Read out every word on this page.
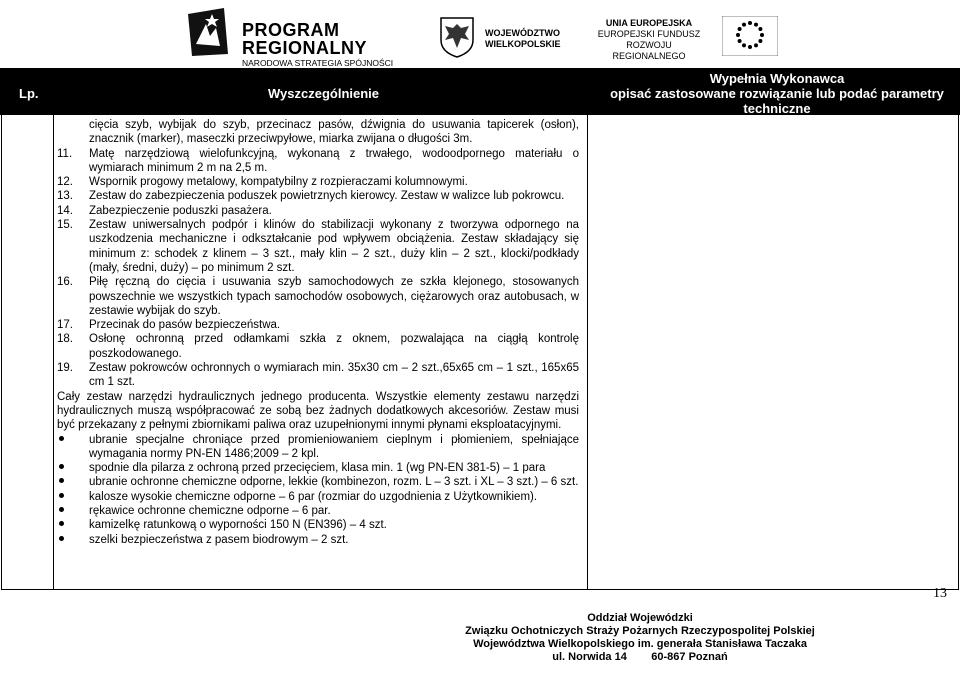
PROGRAM
REGIONALNY
NARODOWA STRATEGIA SPÓJNOŚCI
WOJEWÓDZTWO
WIELKOPOLSKIE
UNIA EUROPEJSKA
EUROPEJSKI FUNDUSZ
ROZWOJU REGIONALNEGO
Lp.	Wyszczególnienie
Wypełnia Wykonawca
opisać zastosowane rozwiązanie lub podać parametry
techniczne

cięcia szyb, wybijak do szyb, przecinacz pasów, dźwignia do usuwania tapicerek (osłon), znacznik (marker), maseczki przeciwpyłowe, miarka zwijana o długości 3m.

11.	Matę narzędziową wielofunkcyjną, wykonaną z trwałego, wodoodpornego materiału o wymiarach minimum 2 m na 2,5 m.
12.	Wspornik progowy metalowy, kompatybilny z rozpieraczami kolumnowymi.
13.	Zestaw do zabezpieczenia poduszek powietrznych kierowcy. Zestaw w walizce lub pokrowcu.
14.	Zabezpieczenie poduszki pasażera.
15.	Zestaw uniwersalnych podpór i klinów do stabilizacji wykonany z tworzywa odpornego na uszkodzenia mechaniczne i odkształcanie pod wpływem obciążenia. Zestaw składający się minimum z: schodek z klinem – 3 szt., mały klin – 2 szt., duży klin – 2 szt., klocki/podkłady (mały, średni, duży) – po minimum 2 szt.
16.	Piłę ręczną do cięcia i usuwania szyb samochodowych ze szkła klejonego, stosowanych powszechnie we wszystkich typach samochodów osobowych, ciężarowych oraz autobusach, w zestawie wybijak do szyb.
17.	Przecinak do pasów bezpieczeństwa.
18.	Osłonę ochronną przed odłamkami szkła z oknem, pozwalająca na ciągłą kontrolę poszkodowanego.
19.	Zestaw pokrowców ochronnych o wymiarach min. 35x30 cm – 2 szt.,65x65 cm – 1 szt., 165x65 cm 1 szt.

Cały zestaw narzędzi hydraulicznych jednego producenta. Wszystkie elementy zestawu narzędzi hydraulicznych muszą współpracować ze sobą bez żadnych dodatkowych akcesoriów. Zestaw musi być przekazany z pełnymi zbiornikami paliwa oraz uzupełnionymi innymi płynami eksploatacyjnymi.

ubranie specjalne chroniące przed promieniowaniem cieplnym i płomieniem, spełniające wymagania normy PN-EN 1486;2009 – 2 kpl.
spodnie dla pilarza z ochroną przed przecięciem, klasa min. 1 (wg PN-EN 381-5) – 1 para
ubranie ochronne chemiczne odporne, lekkie (kombinezon, rozm. L – 3 szt. i XL – 3 szt.) – 6 szt.
kalosze wysokie chemiczne odporne – 6 par (rozmiar do uzgodnienia z Użytkownikiem).
rękawice ochronne chemiczne odporne – 6 par.
kamizelkę ratunkową o wyporności 150 N (EN396) – 4 szt.
szelki bezpieczeństwa z pasem biodrowym – 2 szt.
13
Oddział Wojewódzki
Związku Ochotniczych Straży Pożarnych Rzeczypospolitej Polskiej
Województwa Wielkopolskiego im. generała Stanisława Taczaka
ul. Norwida 14        60-867 Poznań
